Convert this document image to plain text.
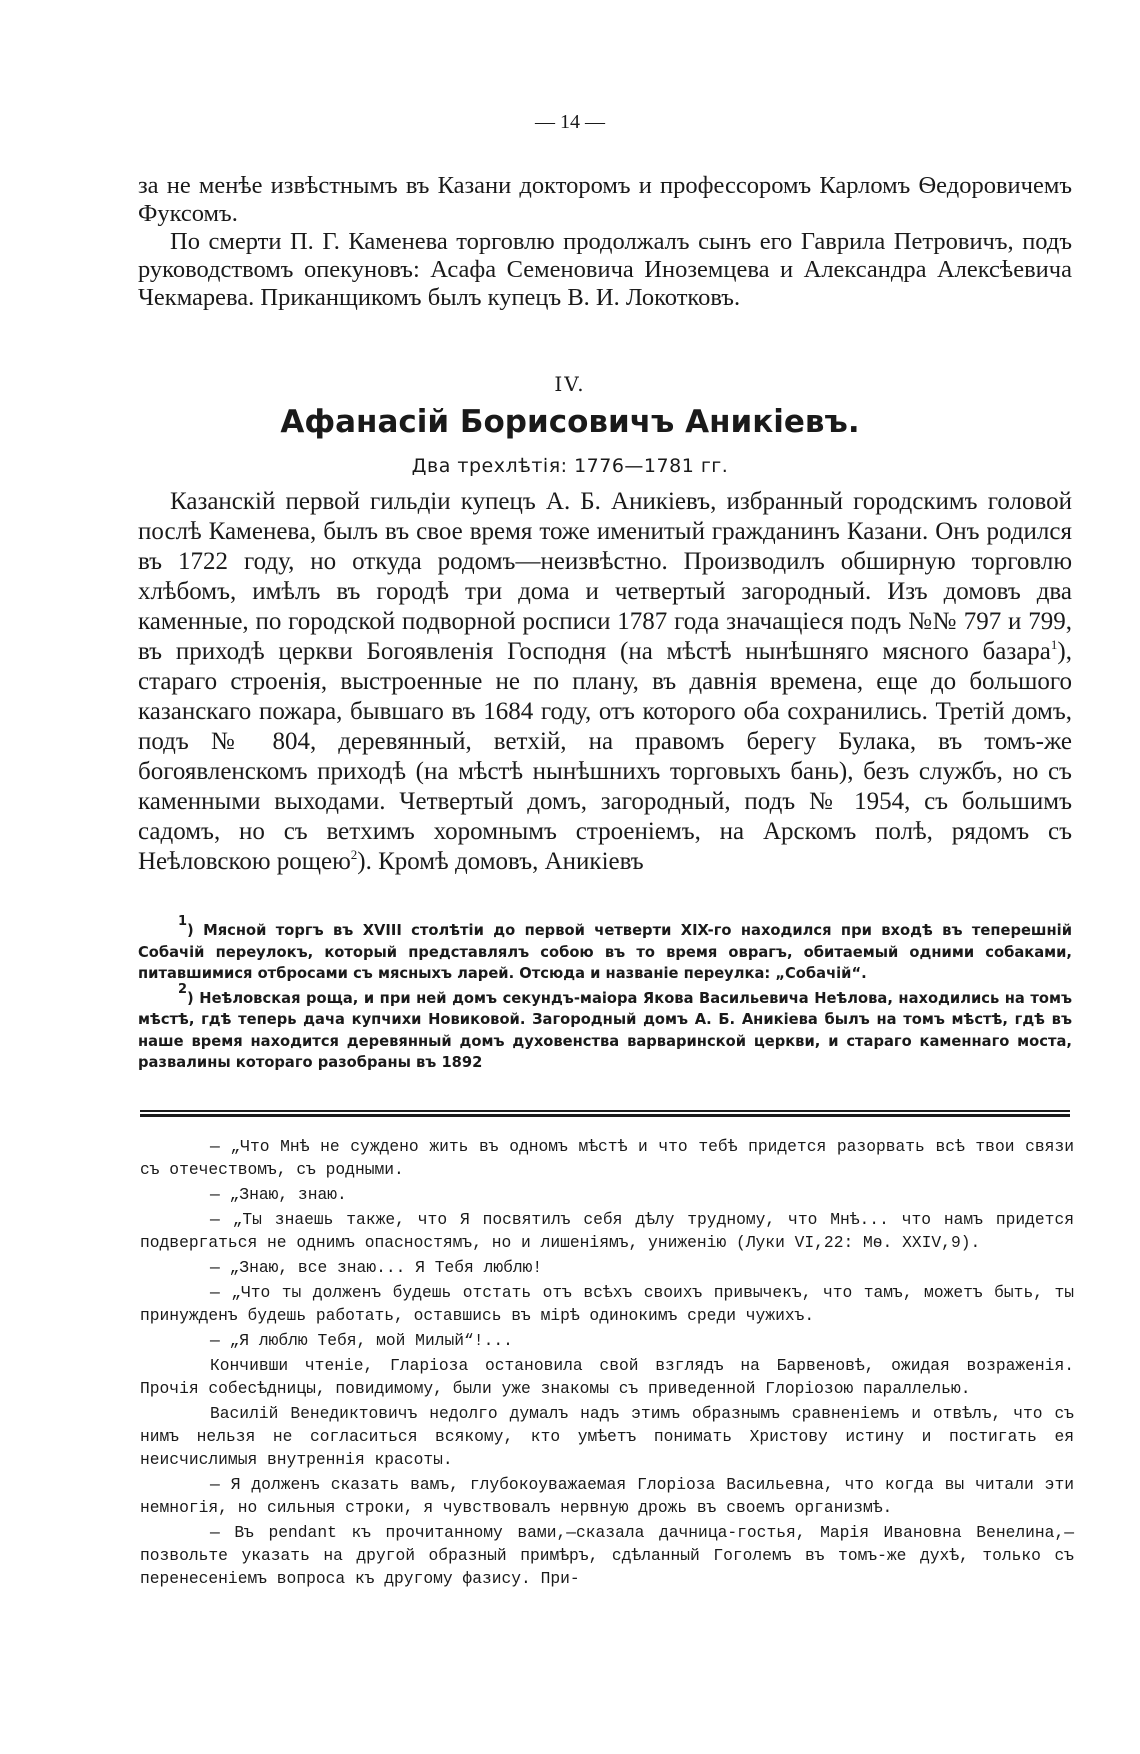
— 14 —

за не менѣе извѣстнымъ въ Казани докторомъ и профессоромъ Карломъ Ѳедоровичемъ Фуксомъ.

По смерти П. Г. Каменева торговлю продолжалъ сынъ его Гаврила Петровичъ, подъ руководствомъ опекуновъ: Асафа Семеновича Иноземцева и Александра Алексѣевича Чекмарева. Приканщикомъ былъ купецъ В. И. Локотковъ.

IV.
Афанасій Борисовичъ Аникіевъ.
Два трехлѣтія: 1776—1781 гг.

Казанскій первой гильдіи купецъ А. Б. Аникіевъ, избранный городскимъ головой послѣ Каменева, былъ въ свое время тоже именитый гражданинъ Казани. Онъ родился въ 1722 году, но откуда родомъ—неизвѣстно. Производилъ обширную торговлю хлѣбомъ, имѣлъ въ городѣ три дома и четвертый загородный. Изъ домовъ два каменные, по городской подворной росписи 1787 года значащіеся подъ №№ 797 и 799, въ приходѣ церкви Богоявленія Господня (на мѣстѣ нынѣшняго мясного базара$^1$), стараго строенія, выстроенные не по плану, въ давнія времена, еще до большого казанскаго пожара, бывшаго въ 1684 году, отъ которого оба сохранились. Третій домъ, подъ № 804, деревянный, ветхій, на правомъ берегу Булака, въ томъ-же богоявленскомъ приходѣ (на мѣстѣ нынѣшнихъ торговыхъ бань), безъ службъ, но съ каменными выходами. Четвертый домъ, загородный, подъ № 1954, съ большимъ садомъ, но съ ветхимъ хоромнымъ строеніемъ, на Арскомъ полѣ, рядомъ съ Неѣловскою рощею$^2$). Кромѣ домовъ, Аникіевъ

$^1$) Мясной торгъ въ XVIII столѣтіи до первой четверти XIX-го находился при входѣ въ теперешній Собачій переулокъ, который представлялъ собою въ то время оврагъ, обитаемый одними собаками, питавшимися отбросами съ мясныхъ ларей. Отсюда и названіе переулка: „Собачій“.

$^2$) Неѣловская роща, и при ней домъ секундъ-маіора Якова Васильевича Неѣлова, находились на томъ мѣстѣ, гдѣ теперь дача купчихи Новиковой. Загородный домъ А. Б. Аникіева былъ на томъ мѣстѣ, гдѣ въ наше время находится деревянный домъ духовенства варваринской церкви, и стараго каменнаго моста, развалины котораго разобраны въ 1892

— „Что Мнѣ не суждено жить въ одномъ мѣстѣ и что тебѣ придется разорвать всѣ твои связи съ отечествомъ, съ родными.

— „Знаю, знаю.

— „Ты знаешь также, что Я посвятилъ себя дѣлу трудному, что Мнѣ... что намъ придется подвергаться не однимъ опасностямъ, но и лишеніямъ, униженію (Луки VI,22: Мѳ. XXIV,9).

— „Знаю, все знаю... Я Тебя люблю!

— „Что ты долженъ будешь отстать отъ всѣхъ своихъ привычекъ, что тамъ, можетъ быть, ты принужденъ будешь работать, оставшись въ мірѣ одинокимъ среди чужихъ.

— „Я люблю Тебя, мой Милый“!...

Кончивши чтеніе, Гларіоза остановила свой взглядъ на Барвеновѣ, ожидая возраженія. Прочія собесѣдницы, повидимому, были уже знакомы съ приведенной Глоріозою параллелью.

Василій Венедиктовичъ недолго думалъ надъ этимъ образнымъ сравненіемъ и отвѣлъ, что съ нимъ нельзя не согласиться всякому, кто умѣетъ понимать Христову истину и постигать ея неисчислимыя внутреннія красоты.

— Я долженъ сказать вамъ, глубокоуважаемая Глоріоза Васильевна, что когда вы читали эти немногія, но сильныя строки, я чувствовалъ нервную дрожь въ своемъ организмѣ.

— Въ pendant къ прочитанному вами,—сказала дачница-гостья, Марія Ивановна Венелина,—позвольте указать на другой образный примѣръ, сдѣланный Гоголемъ въ томъ-же духѣ, только съ перенесеніемъ вопроса къ другому фазису. При-
